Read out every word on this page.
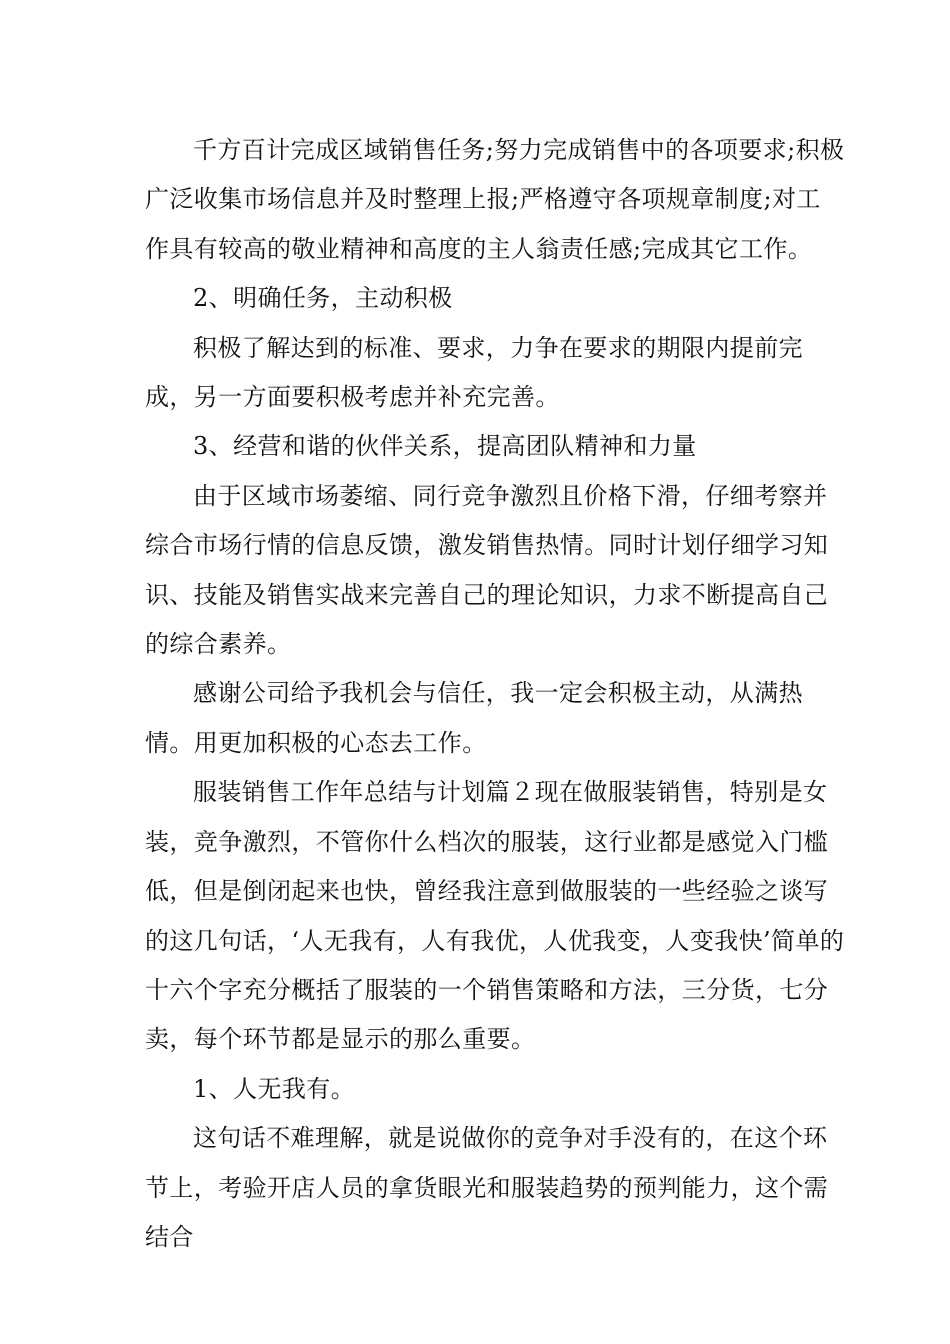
千方百计完成区域销售任务;努力完成销售中的各项要求;积极广泛收集市场信息并及时整理上报;严格遵守各项规章制度;对工作具有较高的敬业精神和高度的主人翁责任感;完成其它工作。

2、明确任务，主动积极

积极了解达到的标准、要求，力争在要求的期限内提前完成，另一方面要积极考虑并补充完善。

3、经营和谐的伙伴关系，提高团队精神和力量

由于区域市场萎缩、同行竞争激烈且价格下滑，仔细考察并综合市场行情的信息反馈，激发销售热情。同时计划仔细学习知识、技能及销售实战来完善自己的理论知识，力求不断提高自己的综合素养。

感谢公司给予我机会与信任，我一定会积极主动，从满热情。用更加积极的心态去工作。

服装销售工作年总结与计划篇２现在做服装销售，特别是女装，竞争激烈，不管你什么档次的服装，这行业都是感觉入门槛低，但是倒闭起来也快，曾经我注意到做服装的一些经验之谈写的这几句话，‘人无我有，人有我优，人优我变，人变我快’简单的十六个字充分概括了服装的一个销售策略和方法，三分货，七分卖，每个环节都是显示的那么重要。

1、人无我有。

这句话不难理解，就是说做你的竞争对手没有的，在这个环节上，考验开店人员的拿货眼光和服装趋势的预判能力，这个需结合
